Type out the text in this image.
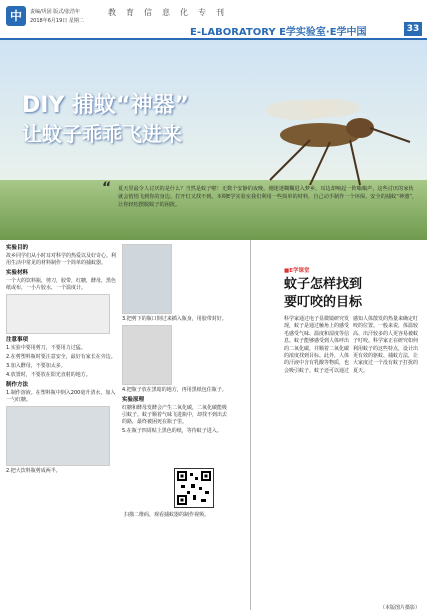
中	责编/巩固 版式/张浩年
2018年6月19日 星期二
教育信息化专刊
E-LABORATORY E学实验室·E学中国	33
DIY 捕蚊“神器”
让蚊子乖乖飞进来
“ 夏天里最令人讨厌的是什么？当然是蚊子啦！无数个安静的夜晚，刚迷迷糊糊进入梦乡，耳边却响起一阵嗡嗡声，这些讨厌的家伙就会悄悄飞到你的身边。打开灯又找不到。本期E学实验室我们利用一些简单的材料，自己动手制作一个环保、安全的捕蚊“神器”，让你轻松摆脱蚊子的困扰。
实验目的
故乡同学们从小时耳对科学的热爱以及好奇心。利用生活中常见的材料制作一个简单的捕蚊器。
实验材料
一个大的饮料瓶，剪刀，胶带，红糖，酵母，黑色纸或布，一小片胶水，一个温度计。
注意事项
1.实验中要用剪刀，不要用力过猛。
2.在剪塑料瓶时要注意安全，最好有家长在旁边。
3.加入酵母，不要加太多。
4.放置时，不要放在阳光直射的地方。
制作方法
1.制作溶液。在塑料瓶中倒入200毫升清水，加入一勺红糖。
2.把大饮料瓶剪成两半。
3.把剪下的瓶口倒过来插入瓶身，用胶带封好。
4.把瓶子放在黑暗的地方，再用黑纸包住瓶子。
实验原理
红糖和酵母发酵会产生二氧化碳，二氧化碳能吸引蚊子。蚊子顺着气味飞进瓶中，却找不到出去的路，最终被困死在瓶子里。
5.在瓶子四周贴上黑色的纸，等待蚊子进入。
扫描二维码，观看捕蚊器的制作视频。
■E学课堂
蚊子怎样找到
要叮咬的目标
科学家通过电子显微镜研究发现，蚊子是通过触角上的感受毛感受气味、温度和湿度等信息。蚊子能够感受到人体呼出的二氧化碳，并顺着二氧化碳的浓度找到目标。此外，人体的汗液中含有乳酸等物质，也会吸引蚊子。蚊子还可以通过感知人体散发的热量来确定叮咬的位置。一般来说，体温较高、出汗较多的人更容易被蚊子叮咬。科学家正在研究如何利用蚊子的这些特点，设计出更有效的驱蚊、捕蚊方法，让大家度过一个没有蚊子打扰的夏天。
（本版图片摄影）
